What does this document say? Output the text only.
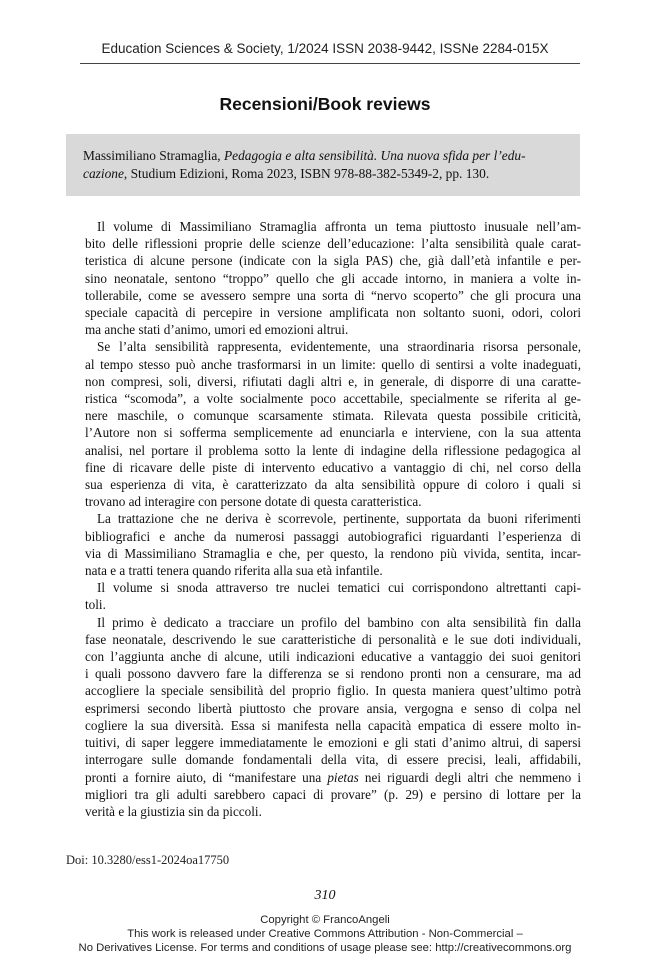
Education Sciences & Society, 1/2024 ISSN 2038-9442, ISSNe 2284-015X
Recensioni/Book reviews
Massimiliano Stramaglia, Pedagogia e alta sensibilità. Una nuova sfida per l’edu-
cazione, Studium Edizioni, Roma 2023, ISBN 978-88-382-5349-2, pp. 130.
Il volume di Massimiliano Stramaglia affronta un tema piuttosto inusuale nell’am-
bito delle riflessioni proprie delle scienze dell’educazione: l’alta sensibilità quale carat-
teristica di alcune persone (indicate con la sigla PAS) che, già dall’età infantile e per-
sino neonatale, sentono “troppo” quello che gli accade intorno, in maniera a volte in-
tollerabile, come se avessero sempre una sorta di “nervo scoperto” che gli procura una
speciale capacità di percepire in versione amplificata non soltanto suoni, odori, colori
ma anche stati d’animo, umori ed emozioni altrui.
Se l’alta sensibilità rappresenta, evidentemente, una straordinaria risorsa personale,
al tempo stesso può anche trasformarsi in un limite: quello di sentirsi a volte inadeguati,
non compresi, soli, diversi, rifiutati dagli altri e, in generale, di disporre di una caratte-
ristica “scomoda”, a volte socialmente poco accettabile, specialmente se riferita al ge-
nere maschile, o comunque scarsamente stimata. Rilevata questa possibile criticità,
l’Autore non si sofferma semplicemente ad enunciarla e interviene, con la sua attenta
analisi, nel portare il problema sotto la lente di indagine della riflessione pedagogica al
fine di ricavare delle piste di intervento educativo a vantaggio di chi, nel corso della
sua esperienza di vita, è caratterizzato da alta sensibilità oppure di coloro i quali si
trovano ad interagire con persone dotate di questa caratteristica.
La trattazione che ne deriva è scorrevole, pertinente, supportata da buoni riferimenti
bibliografici e anche da numerosi passaggi autobiografici riguardanti l’esperienza di
via di Massimiliano Stramaglia e che, per questo, la rendono più vivida, sentita, incar-
nata e a tratti tenera quando riferita alla sua età infantile.
Il volume si snoda attraverso tre nuclei tematici cui corrispondono altrettanti capi-
toli.
Il primo è dedicato a tracciare un profilo del bambino con alta sensibilità fin dalla
fase neonatale, descrivendo le sue caratteristiche di personalità e le sue doti individuali,
con l’aggiunta anche di alcune, utili indicazioni educative a vantaggio dei suoi genitori
i quali possono davvero fare la differenza se si rendono pronti non a censurare, ma ad
accogliere la speciale sensibilità del proprio figlio. In questa maniera quest’ultimo potrà
esprimersi secondo libertà piuttosto che provare ansia, vergogna e senso di colpa nel
cogliere la sua diversità. Essa si manifesta nella capacità empatica di essere molto in-
tuitivi, di saper leggere immediatamente le emozioni e gli stati d’animo altrui, di sapersi
interrogare sulle domande fondamentali della vita, di essere precisi, leali, affidabili,
pronti a fornire aiuto, di “manifestare una pietas nei riguardi degli altri che nemmeno i
migliori tra gli adulti sarebbero capaci di provare” (p. 29) e persino di lottare per la
verità e la giustizia sin da piccoli.
Doi: 10.3280/ess1-2024oa17750
310
Copyright © FrancoAngeli
This work is released under Creative Commons Attribution - Non-Commercial –
No Derivatives License. For terms and conditions of usage please see: http://creativecommons.org
